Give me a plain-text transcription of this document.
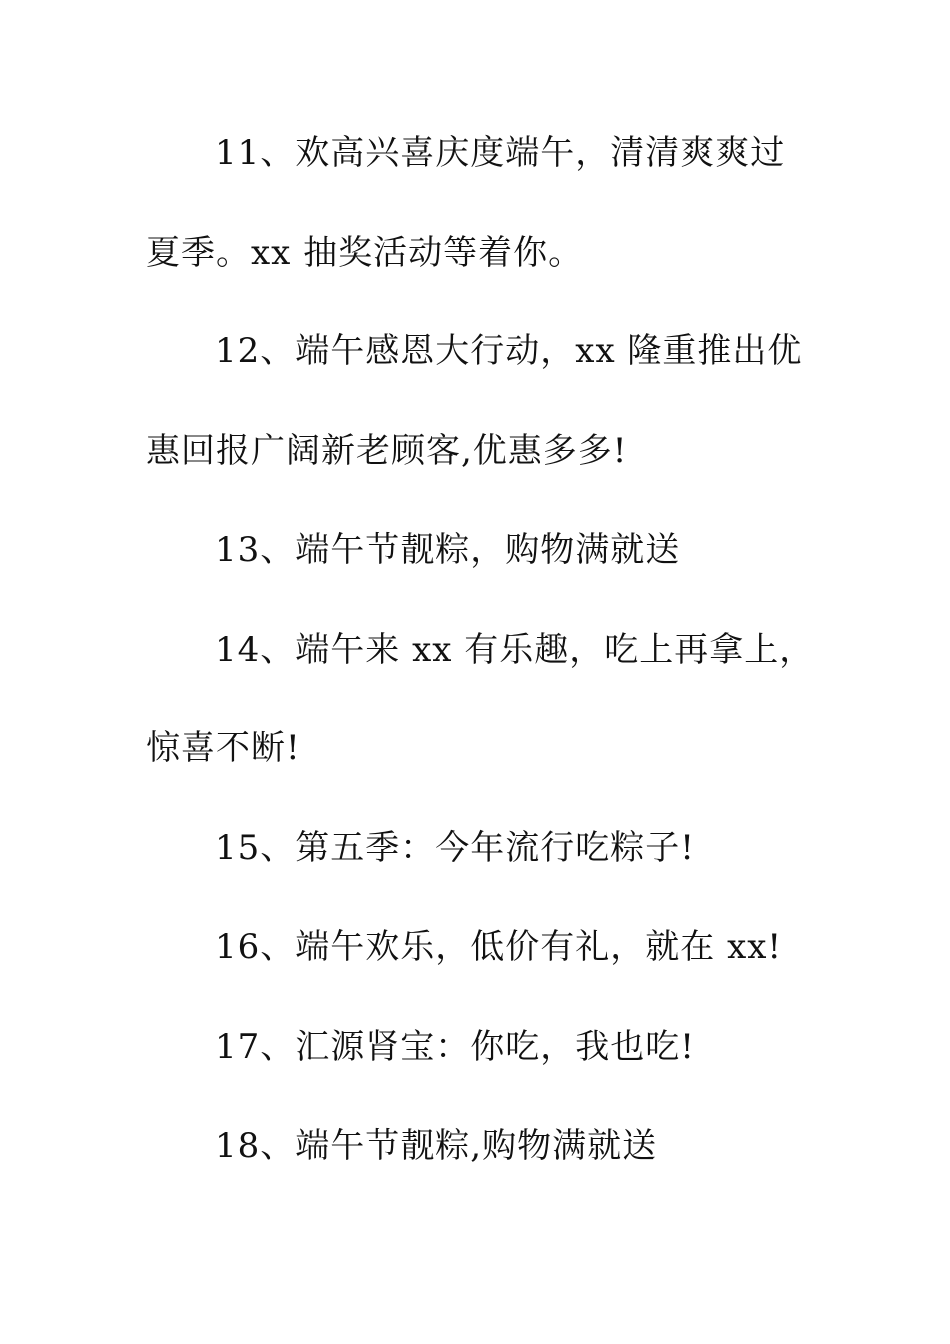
11、欢高兴喜庆度端午，清清爽爽过
夏季。xx 抽奖活动等着你。
12、端午感恩大行动，xx 隆重推出优
惠回报广阔新老顾客,优惠多多!
13、端午节靓粽，购物满就送
14、端午来 xx 有乐趣，吃上再拿上，
惊喜不断!
15、第五季：今年流行吃粽子!
16、端午欢乐，低价有礼，就在 xx!
17、汇源肾宝：你吃，我也吃!
18、端午节靓粽,购物满就送
